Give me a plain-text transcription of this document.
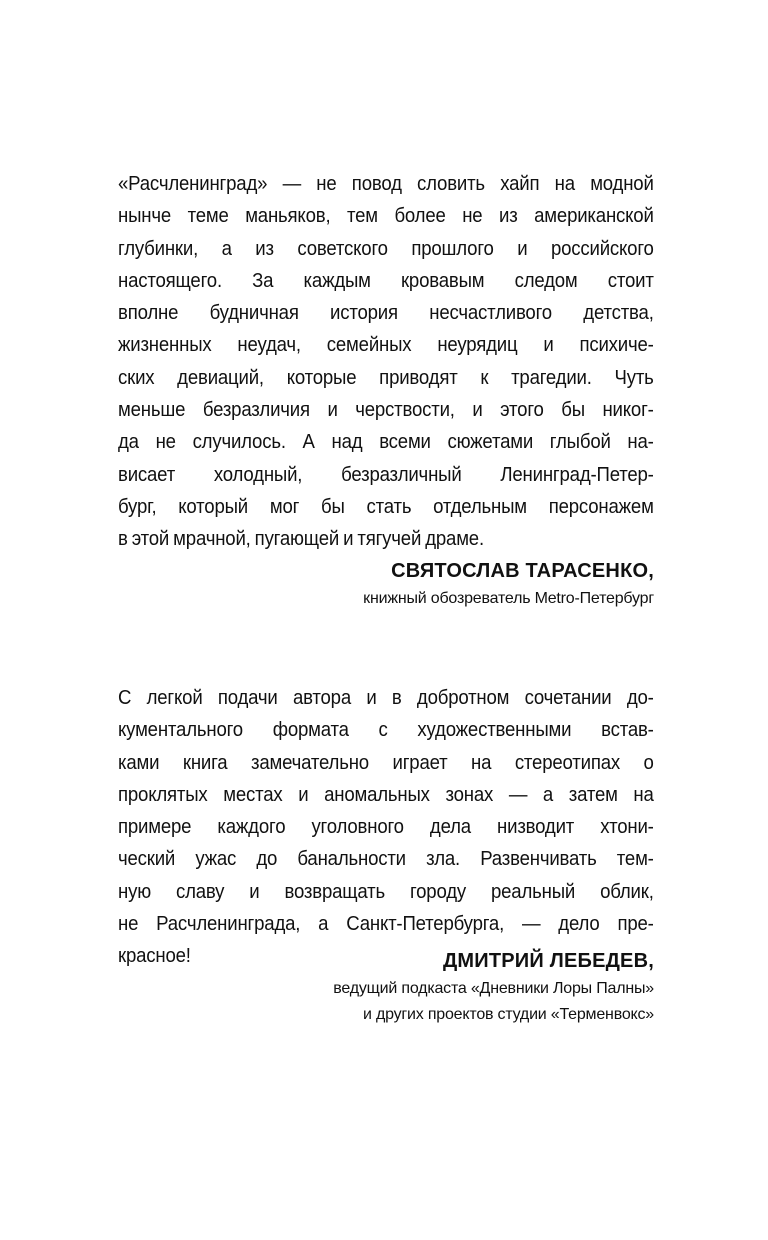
«Расчленинград» — не повод словить хайп на модной
нынче теме маньяков, тем более не из американской
глубинки, а из советского прошлого и российского
настоящего. За каждым кровавым следом стоит
вполне будничная история несчастливого детства,
жизненных неудач, семейных неурядиц и психиче-
ских девиаций, которые приводят к трагедии. Чуть
меньше безразличия и черствости, и этого бы никог-
да не случилось. А над всеми сюжетами глыбой на-
висает холодный, безразличный Ленинград-Петер-
бург, который мог бы стать отдельным персонажем
в этой мрачной, пугающей и тягучей драме.

СВЯТОСЛАВ ТАРАСЕНКО,
книжный обозреватель Metro-Петербург

С легкой подачи автора и в добротном сочетании до-
кументального формата с художественными встав-
ками книга замечательно играет на стереотипах о
проклятых местах и аномальных зонах — а затем на
примере каждого уголовного дела низводит хтони-
ческий ужас до банальности зла. Развенчивать тем-
ную славу и возвращать городу реальный облик,
не Расчленинграда, а Санкт-Петербурга, — дело пре-
красное!	ДМИТРИЙ ЛЕБЕДЕВ,
ведущий подкаста «Дневники Лоры Палны»
и других проектов студии «Терменвокс»
